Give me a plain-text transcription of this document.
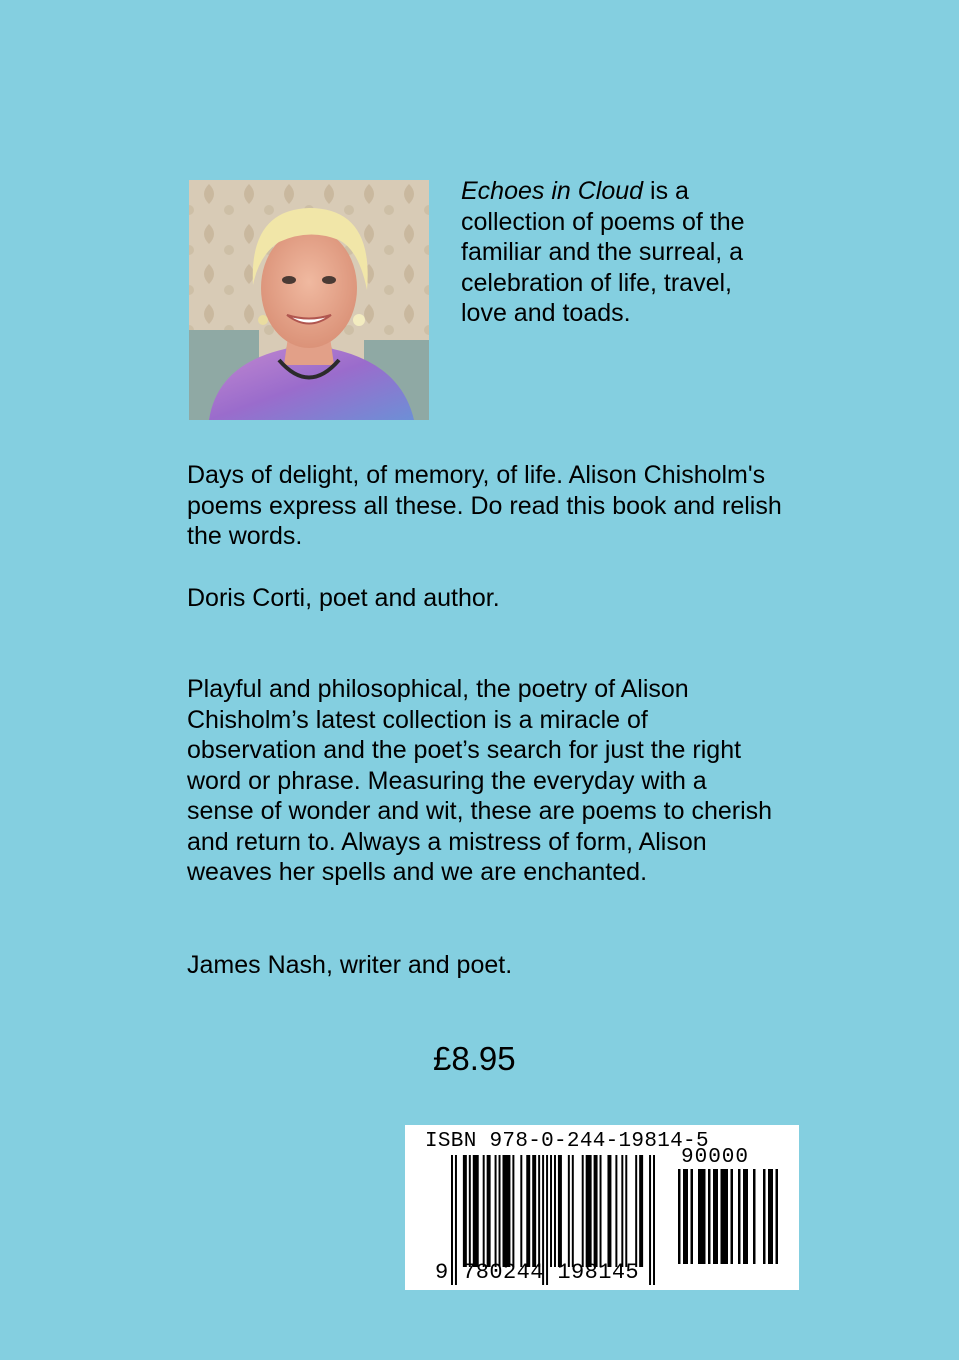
Echoes in Cloud is a collection of poems of the familiar and the surreal, a celebration of life, travel, love and toads.

Days of delight, of memory, of life. Alison Chisholm's poems express all these. Do read this book and relish the words.

Doris Corti, poet and author.

Playful and philosophical, the poetry of Alison Chisholm’s latest collection is a miracle of observation and the poet’s search for just the right word or phrase. Measuring the everyday with a sense of wonder and wit, these are poems to cherish and return to. Always a mistress of form, Alison weaves her spells and we are enchanted.

James Nash, writer and poet.

£8.95

ISBN 978-0-244-19814-5
90000
9 780244 198145
